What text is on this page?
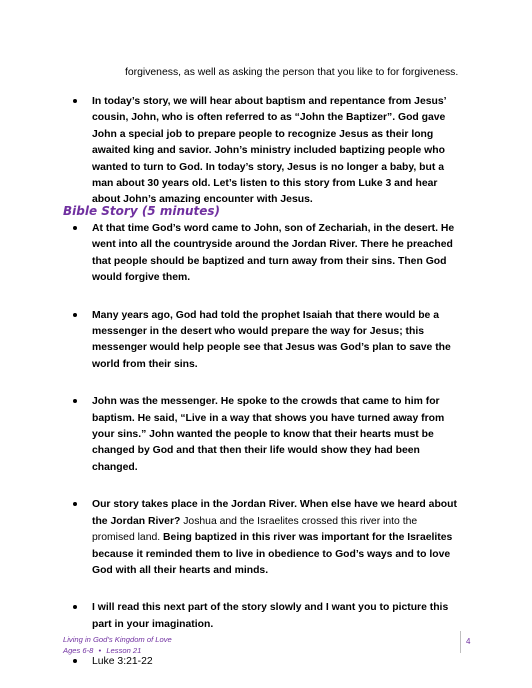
forgiveness, as well as asking the person that you like to for forgiveness.
In today’s story, we will hear about baptism and repentance from Jesus’ cousin, John, who is often referred to as “John the Baptizer”. God gave John a special job to prepare people to recognize Jesus as their long awaited king and savior. John’s ministry included baptizing people who wanted to turn to God. In today’s story, Jesus is no longer a baby, but a man about 30 years old. Let’s listen to this story from Luke 3 and hear about John’s amazing encounter with Jesus.
Bible Story (5 minutes)
At that time God’s word came to John, son of Zechariah, in the desert. He went into all the countryside around the Jordan River. There he preached that people should be baptized and turn away from their sins. Then God would forgive them.
Many years ago, God had told the prophet Isaiah that there would be a messenger in the desert who would prepare the way for Jesus; this messenger would help people see that Jesus was God’s plan to save the world from their sins.
John was the messenger. He spoke to the crowds that came to him for baptism. He said, “Live in a way that shows you have turned away from your sins.” John wanted the people to know that their hearts must be changed by God and that then their life would show they had been changed.
Our story takes place in the Jordan River. When else have we heard about the Jordan River? Joshua and the Israelites crossed this river into the promised land. Being baptized in this river was important for the Israelites because it reminded them to live in obedience to God’s ways and to love God with all their hearts and minds.
I will read this next part of the story slowly and I want you to picture this part in your imagination.
Luke 3:21-22
Living in God’s Kingdom of Love
Ages 6-8 • Lesson 21
4
